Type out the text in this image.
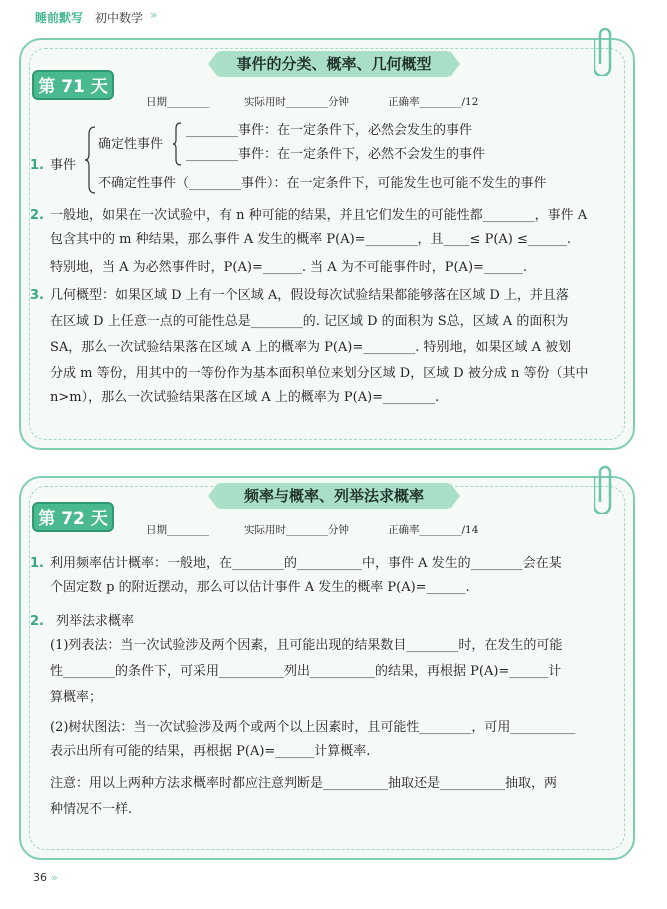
睡前默写 初中数学 »
事件的分类、概率、几何概型
第 71 天
日期________	实际用时________分钟	正确率________/12
1. 事件
确定性事件
________事件：在一定条件下，必然会发生的事件
________事件：在一定条件下，必然不会发生的事件
不确定性事件（________事件）：在一定条件下，可能发生也可能不发生的事件
2. 一般地，如果在一次试验中，有 n 种可能的结果，并且它们发生的可能性都________，事件 A
包含其中的 m 种结果，那么事件 A 发生的概率 P(A)=________，且____≤ P(A) ≤______.
特别地，当 A 为必然事件时，P(A)=______. 当 A 为不可能事件时，P(A)=______.
3. 几何概型：如果区域 D 上有一个区域 A，假设每次试验结果都能够落在区域 D 上，并且落
在区域 D 上任意一点的可能性总是________的. 记区域 D 的面积为 S总，区域 A 的面积为
SA，那么一次试验结果落在区域 A 上的概率为 P(A)=________. 特别地，如果区域 A 被划
分成 m 等份，用其中的一等份作为基本面积单位来划分区域 D，区域 D 被分成 n 等份（其中
n>m），那么一次试验结果落在区域 A 上的概率为 P(A)=________.
频率与概率、列举法求概率
第 72 天
日期________	实际用时________分钟	正确率________/14
1. 利用频率估计概率：一般地，在________的__________中，事件 A 发生的________会在某
个固定数 p 的附近摆动，那么可以估计事件 A 发生的概率 P(A)=______.
2. 列举法求概率
(1)列表法：当一次试验涉及两个因素，且可能出现的结果数目________时，在发生的可能
性________的条件下，可采用__________列出__________的结果，再根据 P(A)=______计
算概率；
(2)树状图法：当一次试验涉及两个或两个以上因素时，且可能性________，可用__________
表示出所有可能的结果，再根据 P(A)=______计算概率.
注意：用以上两种方法求概率时都应注意判断是__________抽取还是__________抽取，两
种情况不一样.
36 »
